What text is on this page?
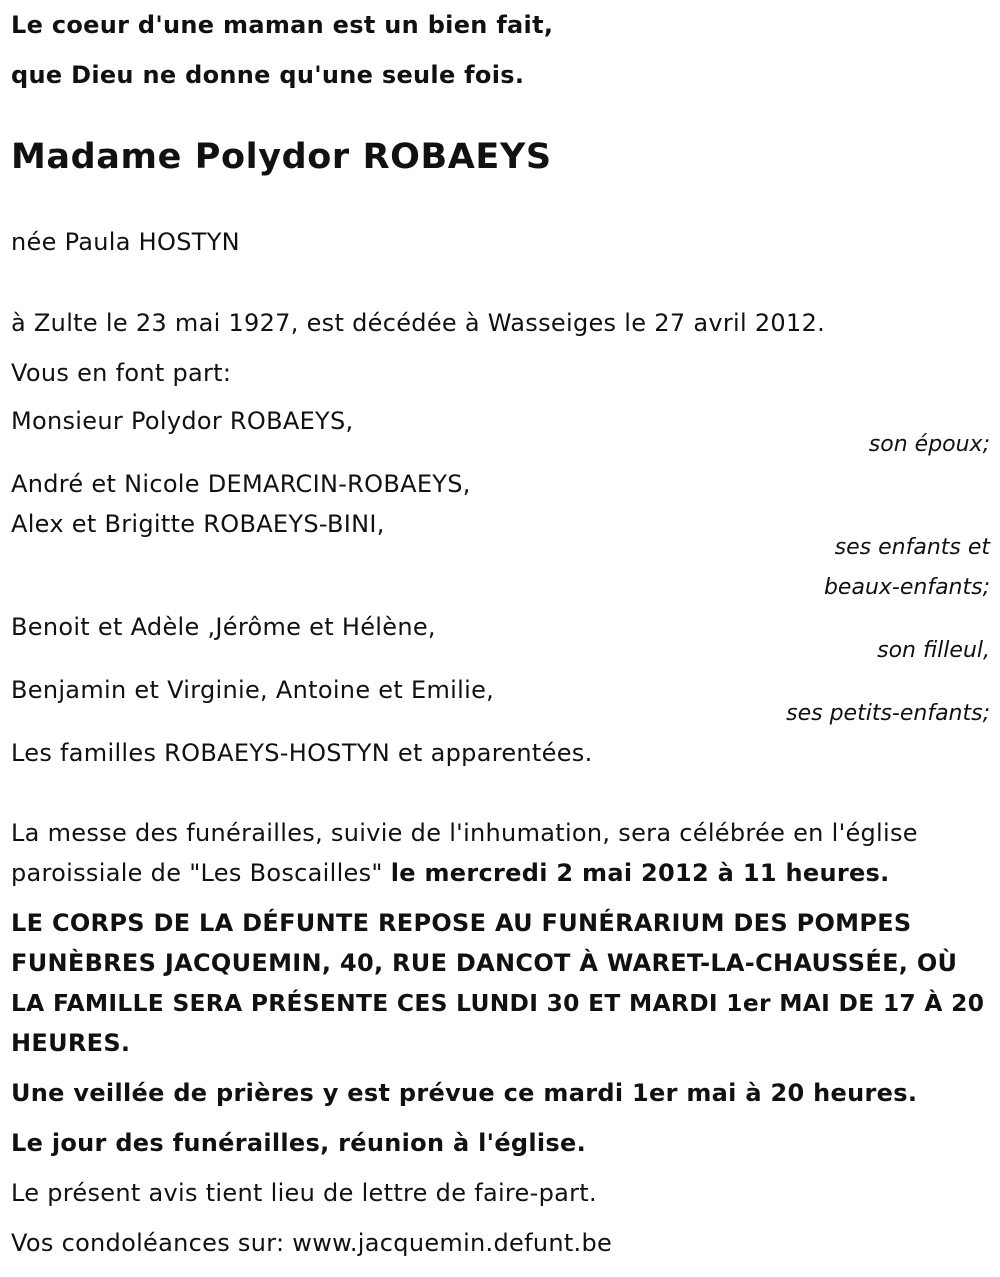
Le coeur d'une maman est un bien fait,

que Dieu ne donne qu'une seule fois.

Madame Polydor ROBAEYS

née Paula HOSTYN

à Zulte le 23 mai 1927, est décédée à Wasseiges le 27 avril 2012.

Vous en font part:

Monsieur Polydor ROBAEYS,

son époux;

André et Nicole DEMARCIN-ROBAEYS,

Alex et Brigitte ROBAEYS-BINI,

ses enfants et

beaux-enfants;

Benoit et Adèle ,Jérôme et Hélène,

son filleul,

Benjamin et Virginie, Antoine et Emilie,

ses petits-enfants;

Les familles ROBAEYS-HOSTYN et apparentées.

La messe des funérailles, suivie de l'inhumation, sera célébrée en l'église

paroissiale de "Les Boscailles" le mercredi 2 mai 2012 à 11 heures.

LE CORPS DE LA DÉFUNTE REPOSE AU FUNÉRARIUM DES POMPES

FUNÈBRES JACQUEMIN, 40, RUE DANCOT À WARET-LA-CHAUSSÉE, OÙ

LA FAMILLE SERA PRÉSENTE CES LUNDI 30 ET MARDI 1er MAI DE 17 À 20

HEURES.

Une veillée de prières y est prévue ce mardi 1er mai à 20 heures.

Le jour des funérailles, réunion à l'église.

Le présent avis tient lieu de lettre de faire-part.

Vos condoléances sur: www.jacquemin.defunt.be
